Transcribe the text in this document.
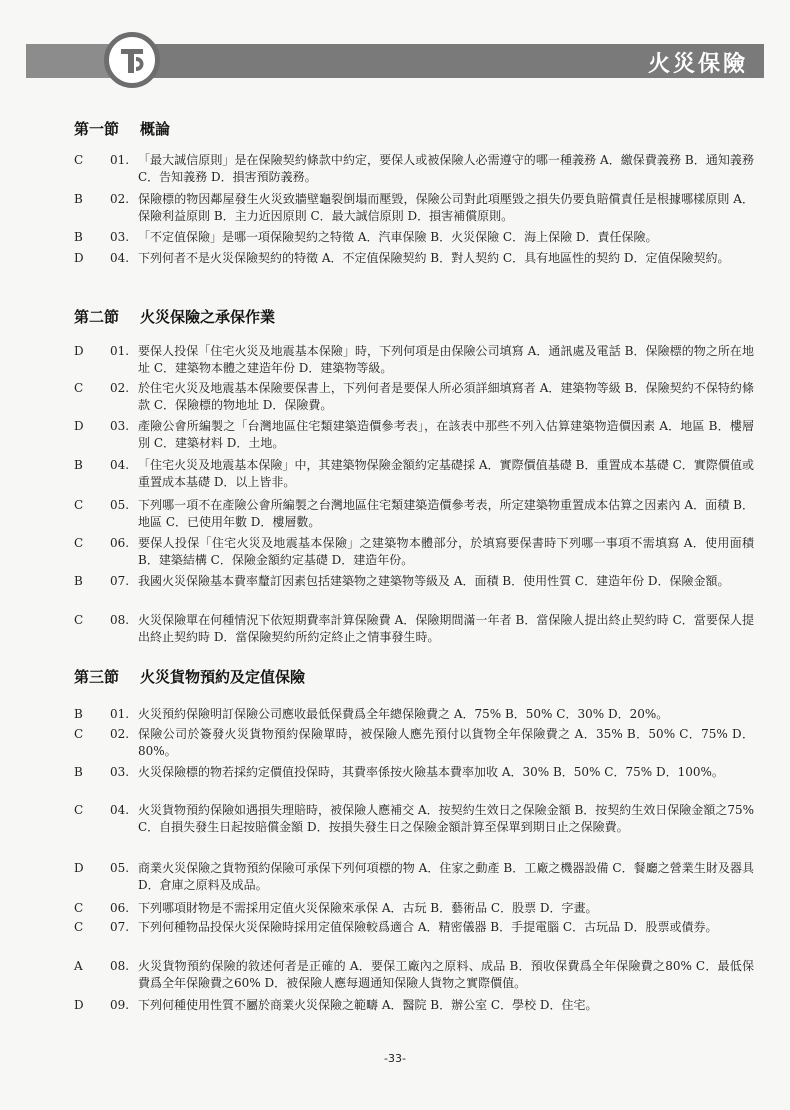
火災保險
第一節 概論
C	01. 「最大誠信原則」是在保險契約條款中約定，要保人或被保險人必需遵守的哪一種義務 A．繳保費義務 B．通知義務 C．告知義務 D．損害預防義務。
B	02. 保險標的物因鄰屋發生火災致牆壁龜裂倒塌而壓毀，保險公司對此項壓毀之損失仍要負賠償責任是根據哪樣原則 A．保險利益原則 B．主力近因原則 C．最大誠信原則 D．損害補償原則。
B	03. 「不定值保險」是哪一項保險契約之特徵 A．汽車保險 B．火災保險 C．海上保險 D．責任保險。
D	04. 下列何者不是火災保險契約的特徵 A．不定值保險契約 B．對人契約 C．具有地區性的契約 D．定值保險契約。
第二節 火災保險之承保作業
D	01. 要保人投保「住宅火災及地震基本保險」時，下列何項是由保險公司填寫 A．通訊處及電話 B．保險標的物之所在地址 C．建築物本體之建造年份 D．建築物等級。
C	02. 於住宅火災及地震基本保險要保書上，下列何者是要保人所必須詳細填寫者 A．建築物等級 B．保險契約不保特約條款 C．保險標的物地址 D．保險費。
D	03. 產險公會所編製之「台灣地區住宅類建築造價參考表」，在該表中那些不列入估算建築物造價因素 A．地區 B．樓層別 C．建築材料 D．土地。
B	04. 「住宅火災及地震基本保險」中，其建築物保險金額約定基礎採 A．實際價值基礎 B．重置成本基礎 C．實際價值或重置成本基礎 D．以上皆非。
C	05. 下列哪一項不在產險公會所編製之台灣地區住宅類建築造價參考表，所定建築物重置成本估算之因素內 A．面積 B．地區 C．已使用年數 D．樓層數。
C	06. 要保人投保「住宅火災及地震基本保險」之建築物本體部分，於填寫要保書時下列哪一事項不需填寫 A．使用面積 B．建築結構 C．保險金額約定基礎 D．建造年份。
B	07. 我國火災保險基本費率釐訂因素包括建築物之建築物等級及 A．面積 B．使用性質 C．建造年份 D．保險金額。
C	08. 火災保險單在何種情況下依短期費率計算保險費 A．保險期間滿一年者 B．當保險人提出終止契約時 C．當要保人提出終止契約時 D．當保險契約所約定終止之情事發生時。
第三節 火災貨物預約及定值保險
B	01. 火災預約保險明訂保險公司應收最低保費爲全年總保險費之 A．75% B．50% C．30% D．20%。
C	02. 保險公司於簽發火災貨物預約保險單時，被保險人應先預付以貨物全年保險費之 A．35% B．50% C．75% D．80%。
B	03. 火災保險標的物若採約定價值投保時，其費率係按火險基本費率加收 A．30% B．50% C．75% D．100%。
C	04. 火災貨物預約保險如遇損失理賠時，被保險人應補交 A．按契約生效日之保險金額 B．按契約生效日保險金額之75% C．自損失發生日起按賠償金額 D．按損失發生日之保險金額計算至保單到期日止之保險費。
D	05. 商業火災保險之貨物預約保險可承保下列何項標的物 A．住家之動產 B．工廠之機器設備 C．餐廳之營業生財及器具 D．倉庫之原料及成品。
C	06. 下列哪項財物是不需採用定值火災保險來承保 A．古玩 B．藝術品 C．股票 D．字畫。
C	07. 下列何種物品投保火災保險時採用定值保險較爲適合 A．精密儀器 B．手提電腦 C．古玩品 D．股票或債券。
A	08. 火災貨物預約保險的敘述何者是正確的 A．要保工廠內之原料、成品 B．預收保費爲全年保險費之80% C．最低保費爲全年保險費之60% D．被保險人應每週通知保險人貨物之實際價值。
D	09. 下列何種使用性質不屬於商業火災保險之範疇 A．醫院 B．辦公室 C．學校 D．住宅。
-33-
